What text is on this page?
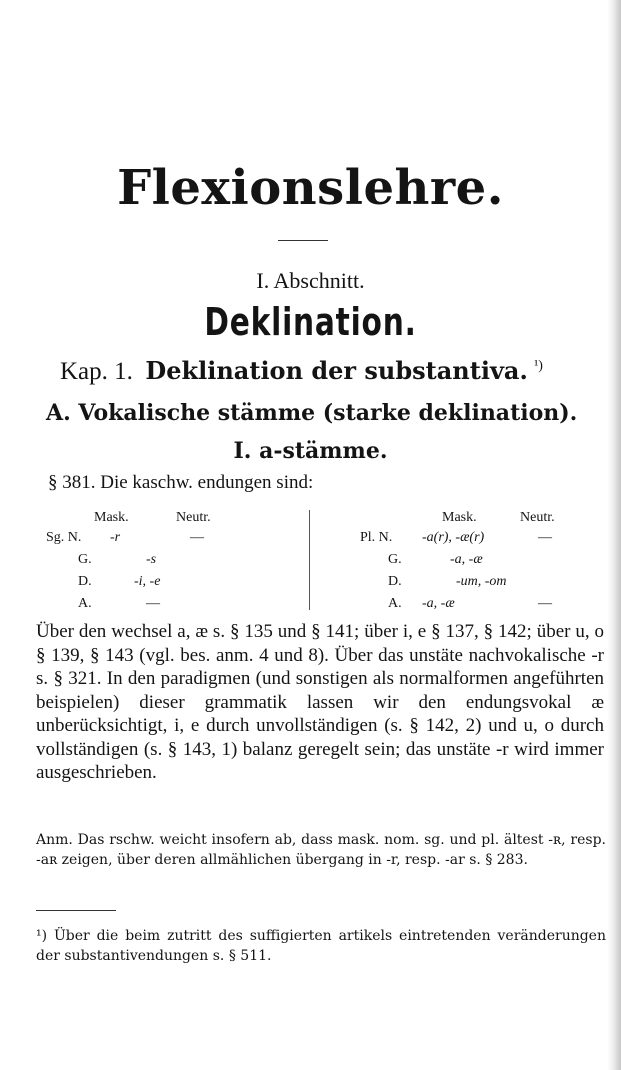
Flexionslehre.
I. Abschnitt.
Deklination.
Kap. 1. Deklination der substantiva. $^{^1)}$
A. Vokalische stämme (starke deklination).
I. a-stämme.
§ 381. Die kaschw. endungen sind:
Mask.	Neutr.
Sg. N. -r	—
G.	-s
D.	-i, -e
A.	—
Mask.	Neutr.
Pl. N. -a(r), -æ(r)	—
G.	-a, -æ
D.	-um, -om
A. -a, -æ	—

Über den wechsel a, æ s. § 135 und § 141; über i, e § 137, § 142; über u, o § 139, § 143 (vgl. bes. anm. 4 und 8). Über das unstäte nachvokalische -r s. § 321. In den paradigmen (und sonstigen als normalformen angeführten beispielen) dieser grammatik lassen wir den endungsvokal æ unberücksichtigt, i, e durch unvollständigen (s. § 142, 2) und u, o durch vollständigen (s. § 143, 1) balanz geregelt sein; das unstäte -r wird immer ausgeschrieben.

Anm. Das rschw. weicht insofern ab, dass mask. nom. sg. und pl. ältest -ʀ, resp. -aʀ zeigen, über deren allmählichen übergang in -r, resp. -ar s. § 283.
¹) Über die beim zutritt des suffigierten artikels eintretenden veränderungen der substantivendungen s. § 511.
